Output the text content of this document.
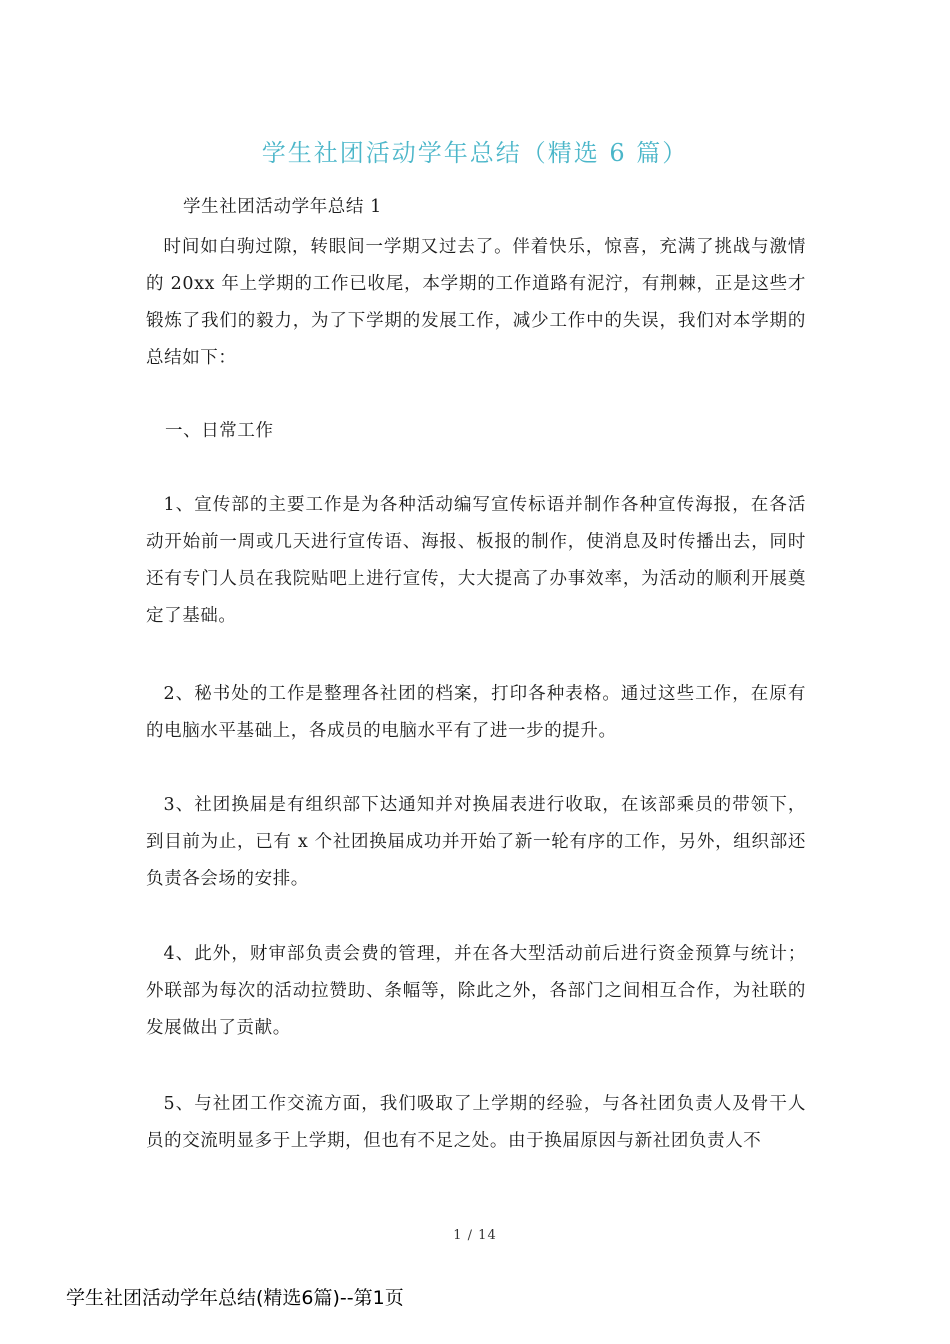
学生社团活动学年总结（精选 6 篇）
学生社团活动学年总结 1
时间如白驹过隙，转眼间一学期又过去了。伴着快乐，惊喜，充满了挑战与激情的 20xx 年上学期的工作已收尾，本学期的工作道路有泥泞，有荆棘，正是这些才锻炼了我们的毅力，为了下学期的发展工作，减少工作中的失误，我们对本学期的总结如下：
一、日常工作
1、宣传部的主要工作是为各种活动编写宣传标语并制作各种宣传海报，在各活动开始前一周或几天进行宣传语、海报、板报的制作，使消息及时传播出去，同时还有专门人员在我院贴吧上进行宣传，大大提高了办事效率，为活动的顺利开展奠定了基础。
2、秘书处的工作是整理各社团的档案，打印各种表格。通过这些工作，在原有的电脑水平基础上，各成员的电脑水平有了进一步的提升。
3、社团换届是有组织部下达通知并对换届表进行收取，在该部乘员的带领下，到目前为止，已有 x 个社团换届成功并开始了新一轮有序的工作，另外，组织部还负责各会场的安排。
4、此外，财审部负责会费的管理，并在各大型活动前后进行资金预算与统计；外联部为每次的活动拉赞助、条幅等，除此之外，各部门之间相互合作，为社联的发展做出了贡献。
5、与社团工作交流方面，我们吸取了上学期的经验，与各社团负责人及骨干人员的交流明显多于上学期，但也有不足之处。由于换届原因与新社团负责人不
1 / 14
学生社团活动学年总结(精选6篇)--第1页
